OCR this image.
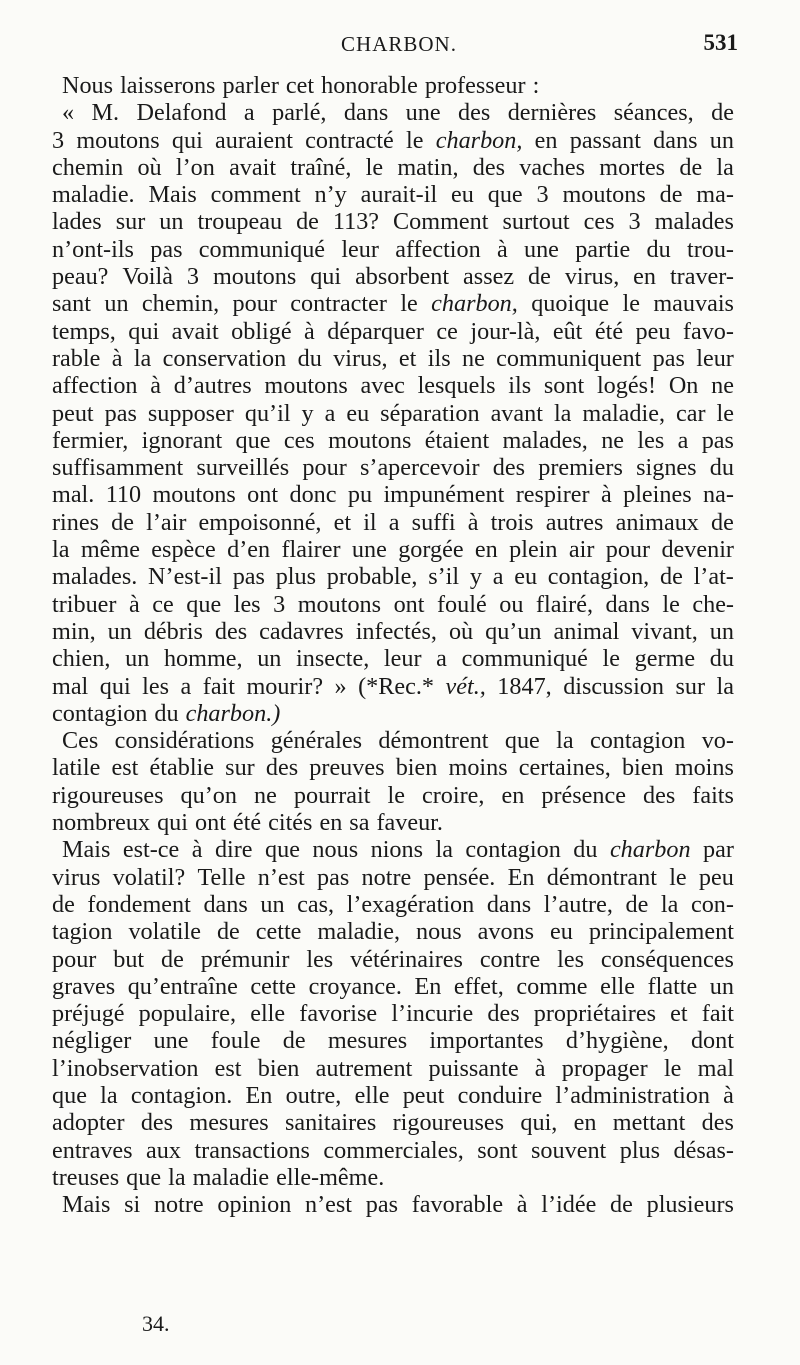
CHARBON.	531
Nous laisserons parler cet honorable professeur :
« M. Delafond a parlé, dans une des dernières séances, de
3 moutons qui auraient contracté le charbon, en passant dans un
chemin où l’on avait traîné, le matin, des vaches mortes de la
maladie. Mais comment n’y aurait-il eu que 3 moutons de ma-
lades sur un troupeau de 113? Comment surtout ces 3 malades
n’ont-ils pas communiqué leur affection à une partie du trou-
peau? Voilà 3 moutons qui absorbent assez de virus, en traver-
sant un chemin, pour contracter le charbon, quoique le mauvais
temps, qui avait obligé à déparquer ce jour-là, eût été peu favo-
rable à la conservation du virus, et ils ne communiquent pas leur
affection à d’autres moutons avec lesquels ils sont logés! On ne
peut pas supposer qu’il y a eu séparation avant la maladie, car le
fermier, ignorant que ces moutons étaient malades, ne les a pas
suffisamment surveillés pour s’apercevoir des premiers signes du
mal. 110 moutons ont donc pu impunément respirer à pleines na-
rines de l’air empoisonné, et il a suffi à trois autres animaux de
la même espèce d’en flairer une gorgée en plein air pour devenir
malades. N’est-il pas plus probable, s’il y a eu contagion, de l’at-
tribuer à ce que les 3 moutons ont foulé ou flairé, dans le che-
min, un débris des cadavres infectés, où qu’un animal vivant, un
chien, un homme, un insecte, leur a communiqué le germe du
mal qui les a fait mourir? » (*Rec.* vét., 1847, discussion sur la
contagion du charbon.)
Ces considérations générales démontrent que la contagion vo-
latile est établie sur des preuves bien moins certaines, bien moins
rigoureuses qu’on ne pourrait le croire, en présence des faits
nombreux qui ont été cités en sa faveur.
Mais est-ce à dire que nous nions la contagion du charbon par
virus volatil? Telle n’est pas notre pensée. En démontrant le peu
de fondement dans un cas, l’exagération dans l’autre, de la con-
tagion volatile de cette maladie, nous avons eu principalement
pour but de prémunir les vétérinaires contre les conséquences
graves qu’entraîne cette croyance. En effet, comme elle flatte un
préjugé populaire, elle favorise l’incurie des propriétaires et fait
négliger une foule de mesures importantes d’hygiène, dont
l’inobservation est bien autrement puissante à propager le mal
que la contagion. En outre, elle peut conduire l’administration à
adopter des mesures sanitaires rigoureuses qui, en mettant des
entraves aux transactions commerciales, sont souvent plus désas-
treuses que la maladie elle-même.
Mais si notre opinion n’est pas favorable à l’idée de plusieurs
34.
